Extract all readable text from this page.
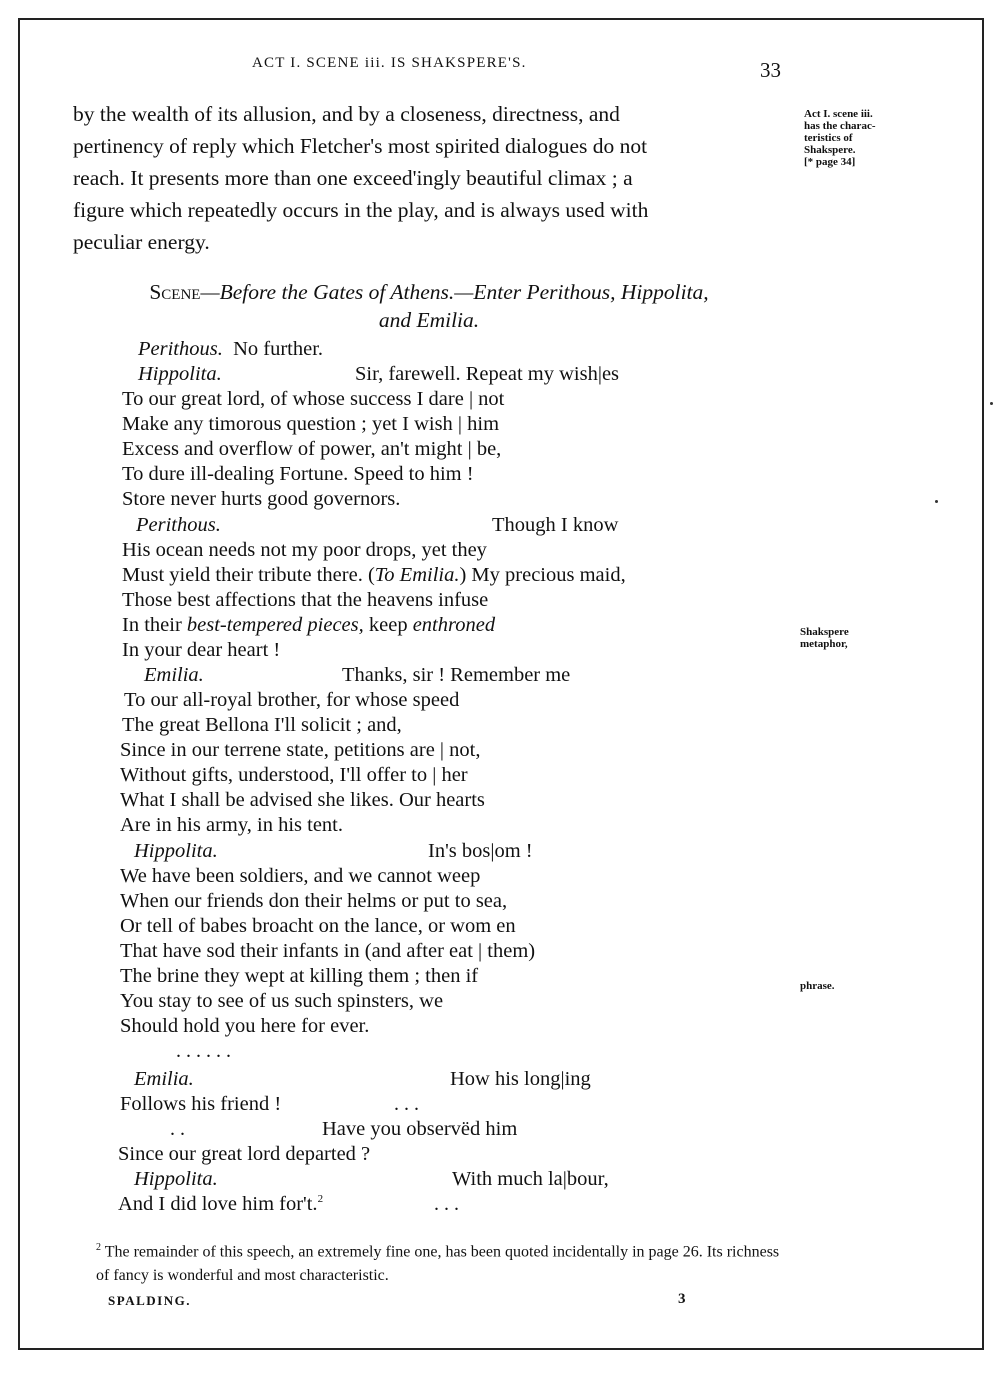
ACT I. SCENE iii. IS SHAKSPERE'S.	33
by the wealth of its allusion, and by a closeness, directness, and
pertinency of reply which Fletcher's most spirited dialogues do not
reach. It presents more than one exceed'ingly beautiful climax ; a
figure which repeatedly occurs in the play, and is always used with
peculiar energy.
Act I. scene iii.
has the charac-
teristics of
Shakspere.
[* page 34]
Scene—Before the Gates of Athens.—Enter Perithous, Hippolita,
and Emilia.
Perithous. No further.
Hippolita.	Sir, farewell. Repeat my wish|es
To our great lord, of whose success I dare | not
Make any timorous question ; yet I wish | him
Excess and overflow of power, an't might | be,
To dure ill-dealing Fortune. Speed to him !
Store never hurts good governors.
Perithous.	Though I know
His ocean needs not my poor drops, yet they
Must yield their tribute there. (To Emilia.) My precious maid,
Those best affections that the heavens infuse
In their best-tempered pieces, keep enthroned
In your dear heart !
Shakspere
metaphor,
Emilia.	Thanks, sir ! Remember me
To our all-royal brother, for whose speed
The great Bellona I'll solicit ; and,
Since in our terrene state, petitions are | not,
Without gifts, understood, I'll offer to | her
What I shall be advised she likes. Our hearts
Are in his army, in his tent.
Hippolita.	In's bos|om !
We have been soldiers, and we cannot weep
When our friends don their helms or put to sea,
Or tell of babes broacht on the lance, or wom en
That have sod their infants in (and after eat | them)
The brine they wept at killing them ; then if
You stay to see of us such spinsters, we
Should hold you here for ever.
phrase.
. . . . . .
Emilia.	How his long|ing
Follows his friend !	. . .
. .	Have you observëd him
Since our great lord departed ?
Hippolita.	With much la|bour,
And I did love him for't.$^2$	. . .
$^2$ The remainder of this speech, an extremely fine one, has been quoted incidentally in page 26. Its richness of fancy is wonderful and most characteristic.
SPALDING.	3
